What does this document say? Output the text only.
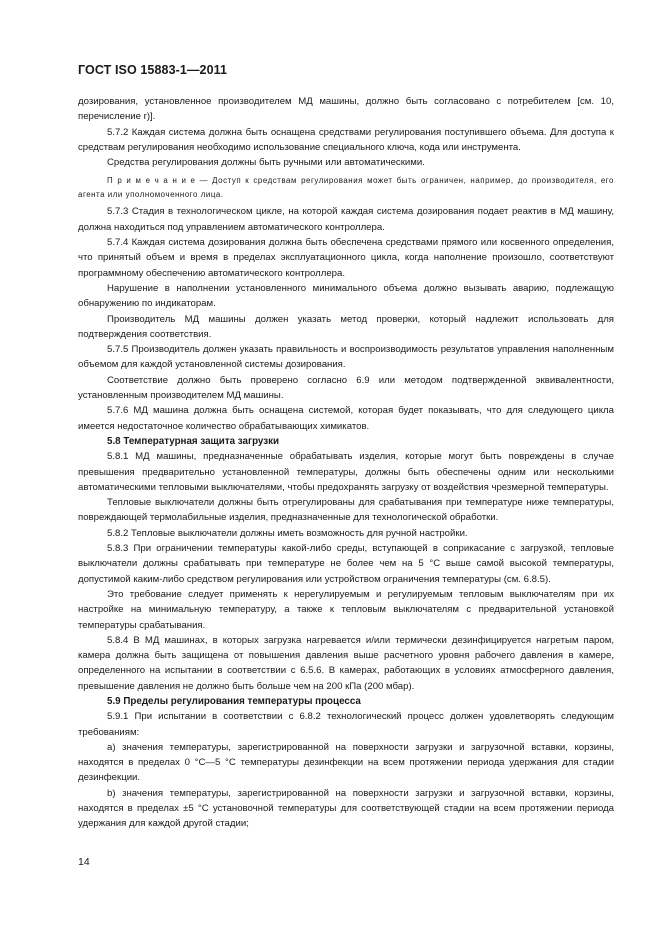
ГОСТ ISO 15883-1—2011

дозирования, установленное производителем МД машины, должно быть согласовано с потребителем [см. 10, перечисление r)].

5.7.2 Каждая система должна быть оснащена средствами регулирования поступившего объема. Для доступа к средствам регулирования необходимо использование специального ключа, кода или инструмента.

Средства регулирования должны быть ручными или автоматическими.

П р и м е ч а н и е — Доступ к средствам регулирования может быть ограничен, например, до производителя, его агента или уполномоченного лица.

5.7.3 Стадия в технологическом цикле, на которой каждая система дозирования подает реактив в МД машину, должна находиться под управлением автоматического контроллера.

5.7.4 Каждая система дозирования должна быть обеспечена средствами прямого или косвенного определения, что принятый объем и время в пределах эксплуатационного цикла, когда наполнение произошло, соответствуют программному обеспечению автоматического контроллера.

Нарушение в наполнении установленного минимального объема должно вызывать аварию, подлежащую обнаружению по индикаторам.

Производитель МД машины должен указать метод проверки, который надлежит использовать для подтверждения соответствия.

5.7.5 Производитель должен указать правильность и воспроизводимость результатов управления наполненным объемом для каждой установленной системы дозирования.

Соответствие должно быть проверено согласно 6.9 или методом подтвержденной эквивалентности, установленным производителем МД машины.

5.7.6 МД машина должна быть оснащена системой, которая будет показывать, что для следующего цикла имеется недостаточное количество обрабатывающих химикатов.

5.8 Температурная защита загрузки

5.8.1 МД машины, предназначенные обрабатывать изделия, которые могут быть повреждены в случае превышения предварительно установленной температуры, должны быть обеспечены одним или несколькими автоматическими тепловыми выключателями, чтобы предохранять загрузку от воздействия чрезмерной температуры.

Тепловые выключатели должны быть отрегулированы для срабатывания при температуре ниже температуры, повреждающей термолабильные изделия, предназначенные для технологической обработки.

5.8.2 Тепловые выключатели должны иметь возможность для ручной настройки.

5.8.3 При ограничении температуры какой-либо среды, вступающей в соприкасание с загрузкой, тепловые выключатели должны срабатывать при температуре не более чем на 5 °С выше самой высокой температуры, допустимой каким-либо средством регулирования или устройством ограничения температуры (см. 6.8.5).

Это требование следует применять к нерегулируемым и регулируемым тепловым выключателям при их настройке на минимальную температуру, а также к тепловым выключателям с предварительной установкой температуры срабатывания.

5.8.4 В МД машинах, в которых загрузка нагревается и/или термически дезинфицируется нагретым паром, камера должна быть защищена от повышения давления выше расчетного уровня рабочего давления в камере, определенного на испытании в соответствии с 6.5.6. В камерах, работающих в условиях атмосферного давления, превышение давления не должно быть больше чем на 200 кПа (200 мбар).

5.9 Пределы регулирования температуры процесса

5.9.1 При испытании в соответствии с 6.8.2 технологический процесс должен удовлетворять следующим требованиям:

a) значения температуры, зарегистрированной на поверхности загрузки и загрузочной вставки, корзины, находятся в пределах 0 °С—5 °С температуры дезинфекции на всем протяжении периода удержания для стадии дезинфекции.

b) значения температуры, зарегистрированной на поверхности загрузки и загрузочной вставки, корзины, находятся в пределах ±5 °С установочной температуры для соответствующей стадии на всем протяжении периода удержания для каждой другой стадии;

14
